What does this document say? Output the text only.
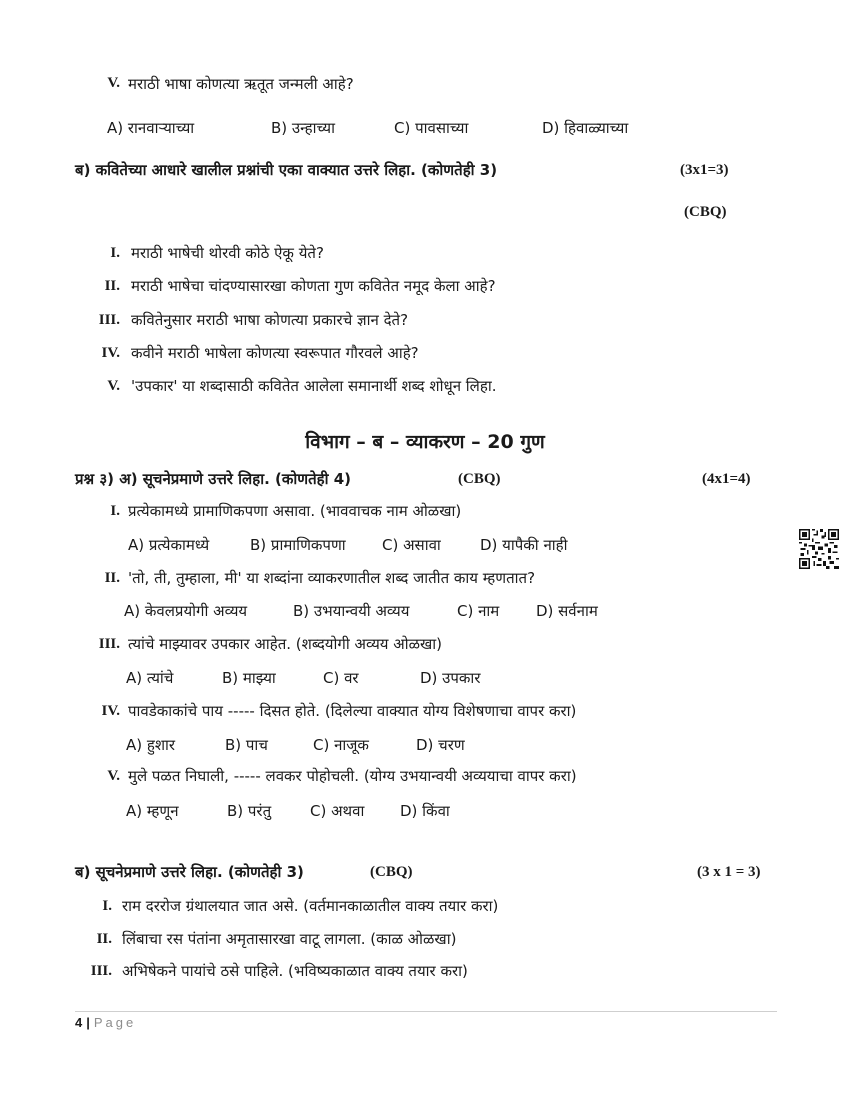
V. मराठी भाषा कोणत्या ऋतूत जन्मली आहे?
A) रानवाऱ्याच्या	B) उन्हाच्या	C) पावसाच्या	D) हिवाळ्याच्या
ब) कवितेच्या आधारे खालील प्रश्नांची एका वाक्यात उत्तरे लिहा. (कोणतेही 3)	(3x1=3)
(CBQ)
I. मराठी भाषेची थोरवी कोठे ऐकू येते?
II. मराठी भाषेचा चांदण्यासारखा कोणता गुण कवितेत नमूद केला आहे?
III. कवितेनुसार मराठी भाषा कोणत्या प्रकारचे ज्ञान देते?
IV. कवीने मराठी भाषेला कोणत्या स्वरूपात गौरवले आहे?
V. 'उपकार' या शब्दासाठी कवितेत आलेला समानार्थी शब्द शोधून लिहा.
विभाग – ब – व्याकरण – 20 गुण
प्रश्न ३) अ) सूचनेप्रमाणे उत्तरे लिहा. (कोणतेही 4)	(CBQ)	(4x1=4)
I. प्रत्येकामध्ये प्रामाणिकपणा असावा. (भाववाचक नाम ओळखा)
A) प्रत्येकामध्ये	B) प्रामाणिकपणा C) असावा	D) यापैकी नाही
II. 'तो, ती, तुम्हाला, मी' या शब्दांना व्याकरणातील शब्द जातीत काय म्हणतात?
A) केवलप्रयोगी अव्यय	B) उभयान्वयी अव्यय	C) नाम D) सर्वनाम
III. त्यांचे माझ्यावर उपकार आहेत. (शब्दयोगी अव्यय ओळखा)
A) त्यांचे	B) माझ्या	C) वर	D) उपकार
IV. पावडेकाकांचे पाय ----- दिसत होते. (दिलेल्या वाक्यात योग्य विशेषणाचा वापर करा)
A) हुशार	B) पाच	C) नाजूक	D) चरण
V. मुले पळत निघाली, ----- लवकर पोहोचली. (योग्य उभयान्वयी अव्ययाचा वापर करा)
A) म्हणून	B) परंतु	C) अथवा D) किंवा
ब) सूचनेप्रमाणे उत्तरे लिहा. (कोणतेही 3)	(CBQ)	(3 x 1 = 3)
I. राम दररोज ग्रंथालयात जात असे. (वर्तमानकाळातील वाक्य तयार करा)
II. लिंबाचा रस पंतांना अमृतासारखा वाटू लागला. (काळ ओळखा)
III. अभिषेकने पायांचे ठसे पाहिले. (भविष्यकाळात वाक्य तयार करा)
4 | Page
